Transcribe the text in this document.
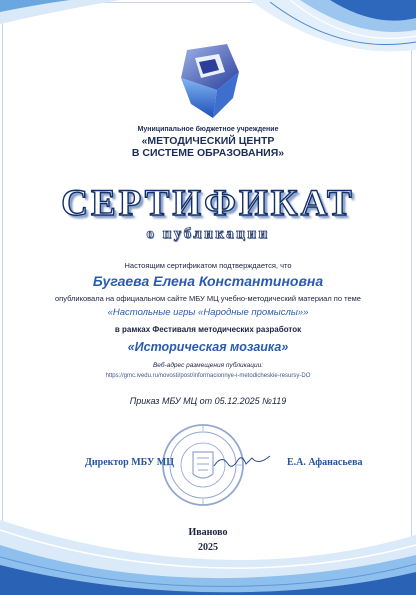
Муниципальное бюджетное учреждение
«МЕТОДИЧЕСКИЙ ЦЕНТР
В СИСТЕМЕ ОБРАЗОВАНИЯ»
СЕРТИФИКАТ
о публикации
Настоящим сертификатом подтверждается, что
Бугаева Елена Константиновна
опубликовала на официальном сайте МБУ МЦ учебно-методический материал по теме
«Настольные игры «Народные промыслы»»
в рамках Фестиваля методических разработок
«Историческая мозаика»
Веб-адрес размещения публикации:
https://gmc.ivedu.ru/novosti/post/informacionnye-i-metodicheskie-resursy-DO
Приказ МБУ МЦ от 05.12.2025 №119
Директор МБУ МЦ	Е.А. Афанасьева
Иваново
2025
